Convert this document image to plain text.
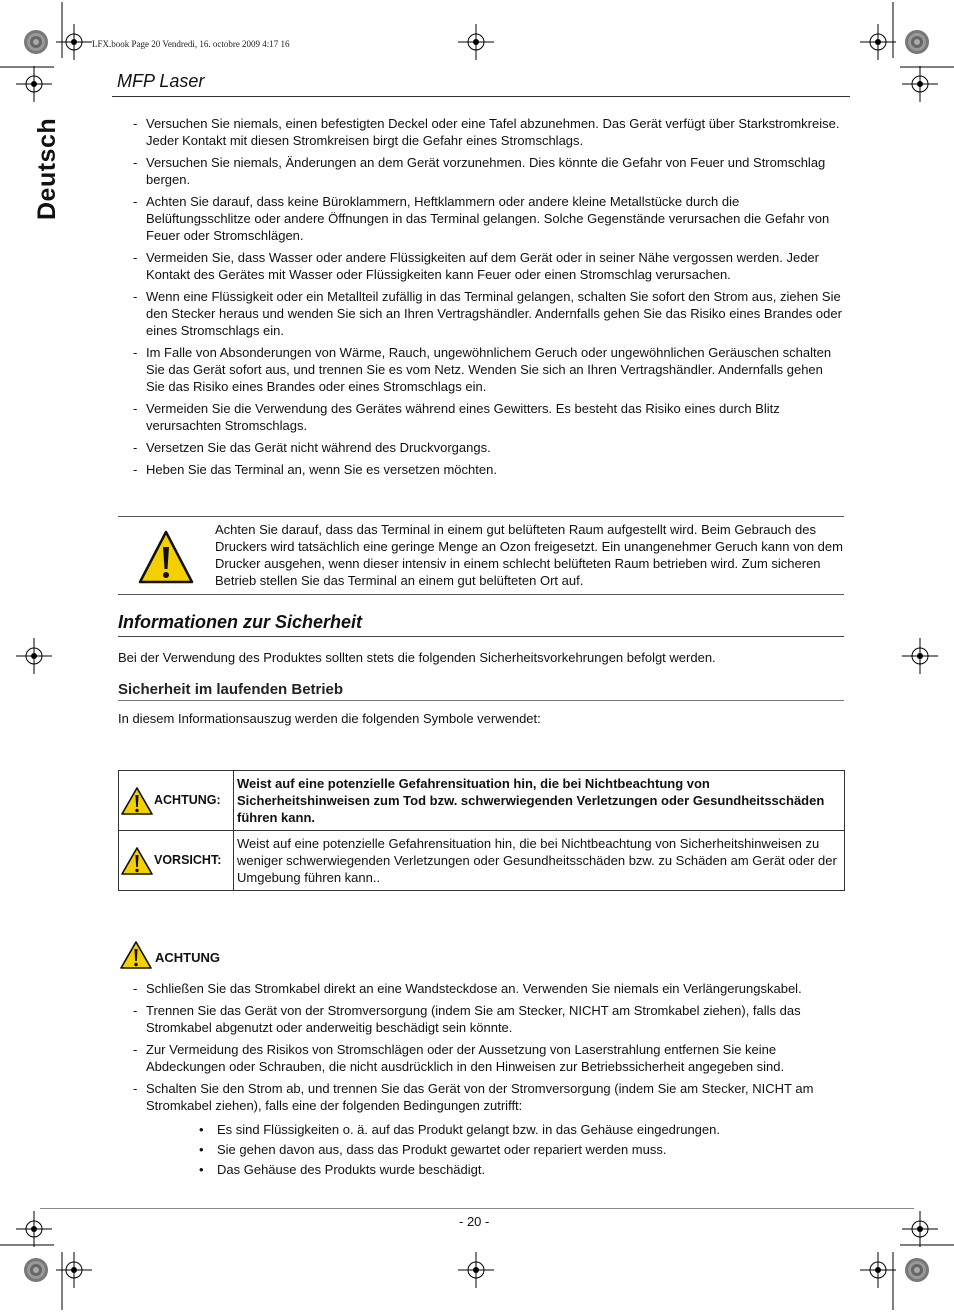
LFX.book Page 20 Vendredi, 16. octobre 2009 4:17 16
MFP Laser
Deutsch	- Versuchen Sie niemals, einen befestigten Deckel oder eine Tafel abzunehmen. Das Gerät verfügt über Starkstromkreise. Jeder Kontakt mit diesen Stromkreisen birgt die Gefahr eines Stromschlags.
- Versuchen Sie niemals, Änderungen an dem Gerät vorzunehmen. Dies könnte die Gefahr von Feuer und Stromschlag bergen.
- Achten Sie darauf, dass keine Büroklammern, Heftklammern oder andere kleine Metallstücke durch die Belüftungsschlitze oder andere Öffnungen in das Terminal gelangen. Solche Gegenstände verursachen die Gefahr von Feuer oder Stromschlägen.
- Vermeiden Sie, dass Wasser oder andere Flüssigkeiten auf dem Gerät oder in seiner Nähe vergossen werden. Jeder Kontakt des Gerätes mit Wasser oder Flüssigkeiten kann Feuer oder einen Stromschlag verursachen.
- Wenn eine Flüssigkeit oder ein Metallteil zufällig in das Terminal gelangen, schalten Sie sofort den Strom aus, ziehen Sie den Stecker heraus und wenden Sie sich an Ihren Vertragshändler. Andernfalls gehen Sie das Risiko eines Brandes oder eines Stromschlags ein.
- Im Falle von Absonderungen von Wärme, Rauch, ungewöhnlichem Geruch oder ungewöhnlichen Geräuschen schalten Sie das Gerät sofort aus, und trennen Sie es vom Netz. Wenden Sie sich an Ihren Vertragshändler. Andernfalls gehen Sie das Risiko eines Brandes oder eines Stromschlags ein.
- Vermeiden Sie die Verwendung des Gerätes während eines Gewitters. Es besteht das Risiko eines durch Blitz verursachten Stromschlags.
- Versetzen Sie das Gerät nicht während des Druckvorgangs.
- Heben Sie das Terminal an, wenn Sie es versetzen möchten.
Achten Sie darauf, dass das Terminal in einem gut belüfteten Raum aufgestellt wird. Beim Gebrauch des Druckers wird tatsächlich eine geringe Menge an Ozon freigesetzt. Ein unangenehmer Geruch kann von dem Drucker ausgehen, wenn dieser intensiv in einem schlecht belüfteten Raum betrieben wird. Zum sicheren Betrieb stellen Sie das Terminal an einem gut belüfteten Ort auf.
Informationen zur Sicherheit
Bei der Verwendung des Produktes sollten stets die folgenden Sicherheitsvorkehrungen befolgt werden.
Sicherheit im laufenden Betrieb
In diesem Informationsauszug werden die folgenden Symbole verwendet:
ACHTUNG:	Weist auf eine potenzielle Gefahrensituation hin, die bei Nichtbeachtung von Sicherheitshinweisen zum Tod bzw. schwerwiegenden Verletzungen oder Gesundheitsschäden führen kann.

VORSICHT:	Weist auf eine potenzielle Gefahrensituation hin, die bei Nichtbeachtung von Sicherheitshinweisen zu weniger schwerwiegenden Verletzungen oder Gesundheitsschäden bzw. zu Schäden am Gerät oder der Umgebung führen kann..
ACHTUNG
- Schließen Sie das Stromkabel direkt an eine Wandsteckdose an. Verwenden Sie niemals ein Verlängerungskabel.
- Trennen Sie das Gerät von der Stromversorgung (indem Sie am Stecker, NICHT am Stromkabel ziehen), falls das Stromkabel abgenutzt oder anderweitig beschädigt sein könnte.
- Zur Vermeidung des Risikos von Stromschlägen oder der Aussetzung von Laserstrahlung entfernen Sie keine Abdeckungen oder Schrauben, die nicht ausdrücklich in den Hinweisen zur Betriebssicherheit angegeben sind.
- Schalten Sie den Strom ab, und trennen Sie das Gerät von der Stromversorgung (indem Sie am Stecker, NICHT am Stromkabel ziehen), falls eine der folgenden Bedingungen zutrifft:
• Es sind Flüssigkeiten o. ä. auf das Produkt gelangt bzw. in das Gehäuse eingedrungen.
• Sie gehen davon aus, dass das Produkt gewartet oder repariert werden muss.
• Das Gehäuse des Produkts wurde beschädigt.
- 20 -
